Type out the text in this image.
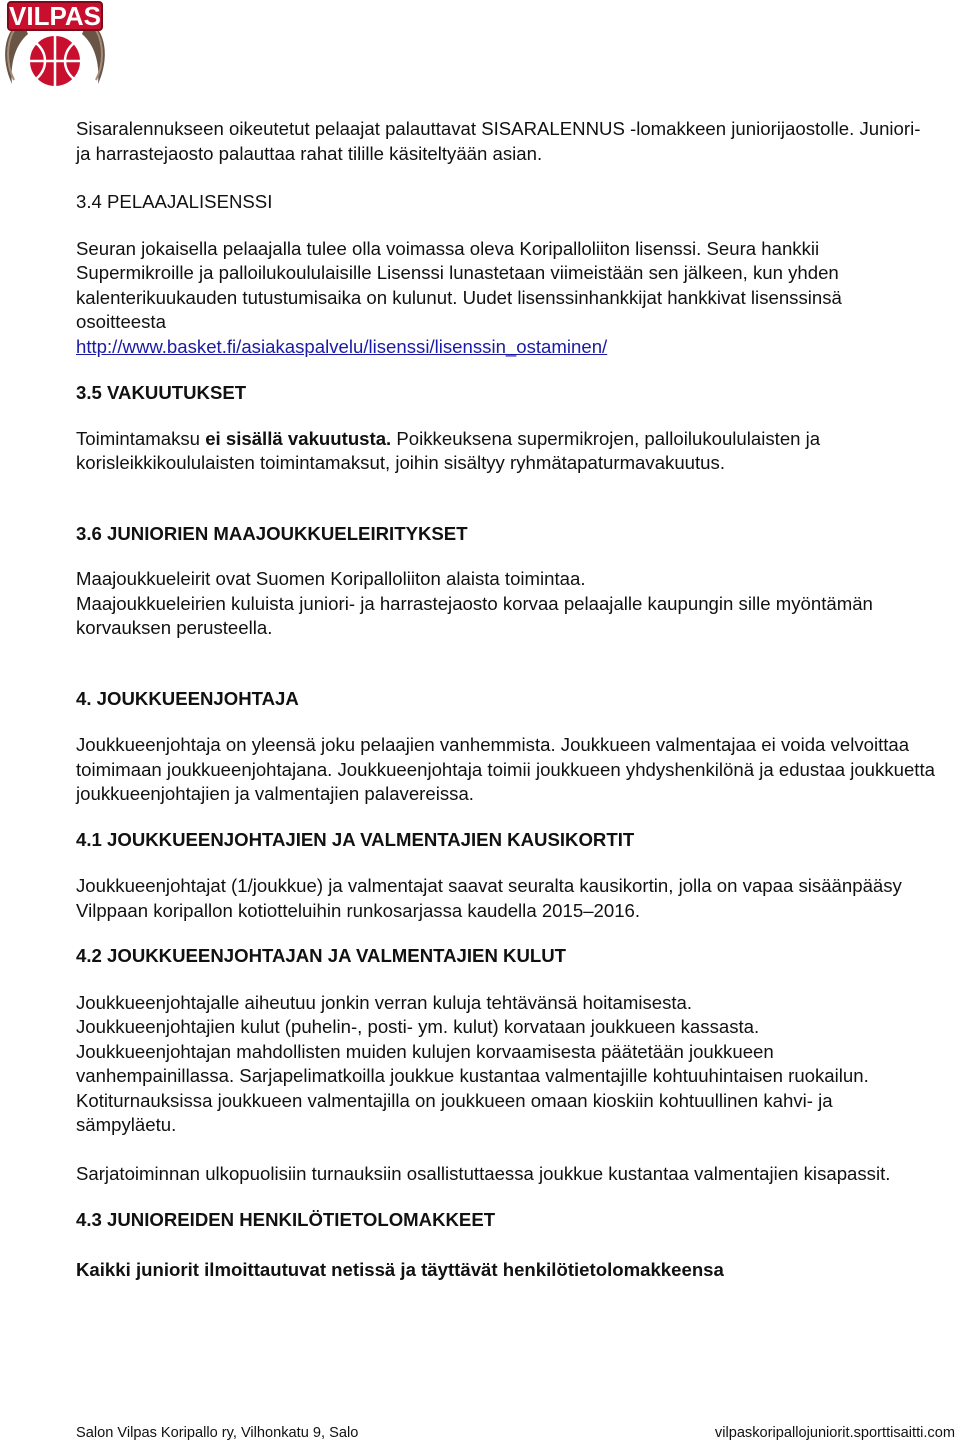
VILPAS

Sisaralennukseen oikeutetut pelaajat palauttavat SISARALENNUS -lomakkeen juniorijaostolle. Juniori- ja harrastejaosto palauttaa rahat tilille käsiteltyään asian.

3.4 PELAAJALISENSSI

Seuran jokaisella pelaajalla tulee olla voimassa oleva Koripalloliiton lisenssi. Seura hankkii Supermikroille ja palloilukoululaisille Lisenssi lunastetaan viimeistään sen jälkeen, kun yhden kalenterikuukauden tutustumisaika on kulunut. Uudet lisenssinhankkijat hankkivat lisenssinsä osoitteesta
http://www.basket.fi/asiakaspalvelu/lisenssi/lisenssin_ostaminen/

3.5 VAKUUTUKSET

Toimintamaksu ei sisällä vakuutusta. Poikkeuksena supermikrojen, palloilukoululaisten ja korisleikkikoululaisten toimintamaksut, joihin sisältyy ryhmätapaturmavakuutus.

3.6 JUNIORIEN MAAJOUKKUELEIRITYKSET

Maajoukkueleirit ovat Suomen Koripalloliiton alaista toimintaa.
Maajoukkueleirien kuluista juniori- ja harrastejaosto korvaa pelaajalle kaupungin sille myöntämän korvauksen perusteella.

4. JOUKKUEENJOHTAJA

Joukkueenjohtaja on yleensä joku pelaajien vanhemmista. Joukkueen valmentajaa ei voida velvoittaa toimimaan joukkueenjohtajana. Joukkueenjohtaja toimii joukkueen yhdyshenkilönä ja edustaa joukkuetta joukkueenjohtajien ja valmentajien palavereissa.

4.1 JOUKKUEENJOHTAJIEN JA VALMENTAJIEN KAUSIKORTIT

Joukkueenjohtajat (1/joukkue) ja valmentajat saavat seuralta kausikortin, jolla on vapaa sisäänpääsy Vilppaan koripallon kotiotteluihin runkosarjassa kaudella 2015–2016.

4.2 JOUKKUEENJOHTAJAN JA VALMENTAJIEN KULUT

Joukkueenjohtajalle aiheutuu jonkin verran kuluja tehtävänsä hoitamisesta.
Joukkueenjohtajien kulut (puhelin-, posti- ym. kulut) korvataan joukkueen kassasta.
Joukkueenjohtajan mahdollisten muiden kulujen korvaamisesta päätetään joukkueen vanhempainillassa. Sarjapelimatkoilla joukkue kustantaa valmentajille kohtuuhintaisen ruokailun. Kotiturnauksissa joukkueen valmentajilla on joukkueen omaan kioskiin kohtuullinen kahvi- ja sämpyläetu.

Sarjatoiminnan ulkopuolisiin turnauksiin osallistuttaessa joukkue kustantaa valmentajien kisapassit.

4.3 JUNIOREIDEN HENKILÖTIETOLOMAKKEET

Kaikki juniorit ilmoittautuvat netissä ja täyttävät henkilötietolomakkeensa

Salon Vilpas Koripallo ry, Vilhonkatu 9, Salo	vilpaskoripallojuniorit.sporttisaitti.com
